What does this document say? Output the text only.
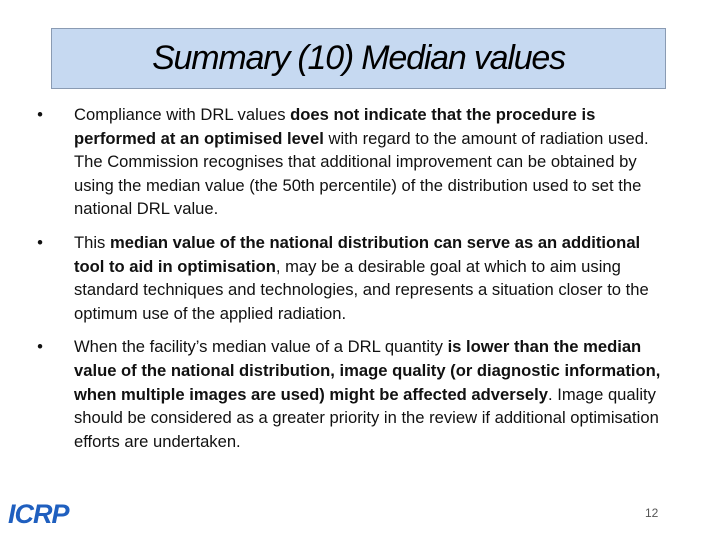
Summary (10) Median values
•	Compliance with DRL values does not indicate that the procedure is performed at an optimised level with regard to the amount of radiation used. The Commission recognises that additional improvement can be obtained by using the median value (the 50th percentile) of the distribution used to set the national DRL value.
•	This median value of the national distribution can serve as an additional tool to aid in optimisation, may be a desirable goal at which to aim using standard techniques and technologies, and represents a situation closer to the optimum use of the applied radiation.
•	When the facility’s median value of a DRL quantity is lower than the median value of the national distribution, image quality (or diagnostic information, when multiple images are used) might be affected adversely. Image quality should be considered as a greater priority in the review if additional optimisation efforts are undertaken.
ICRP	12
